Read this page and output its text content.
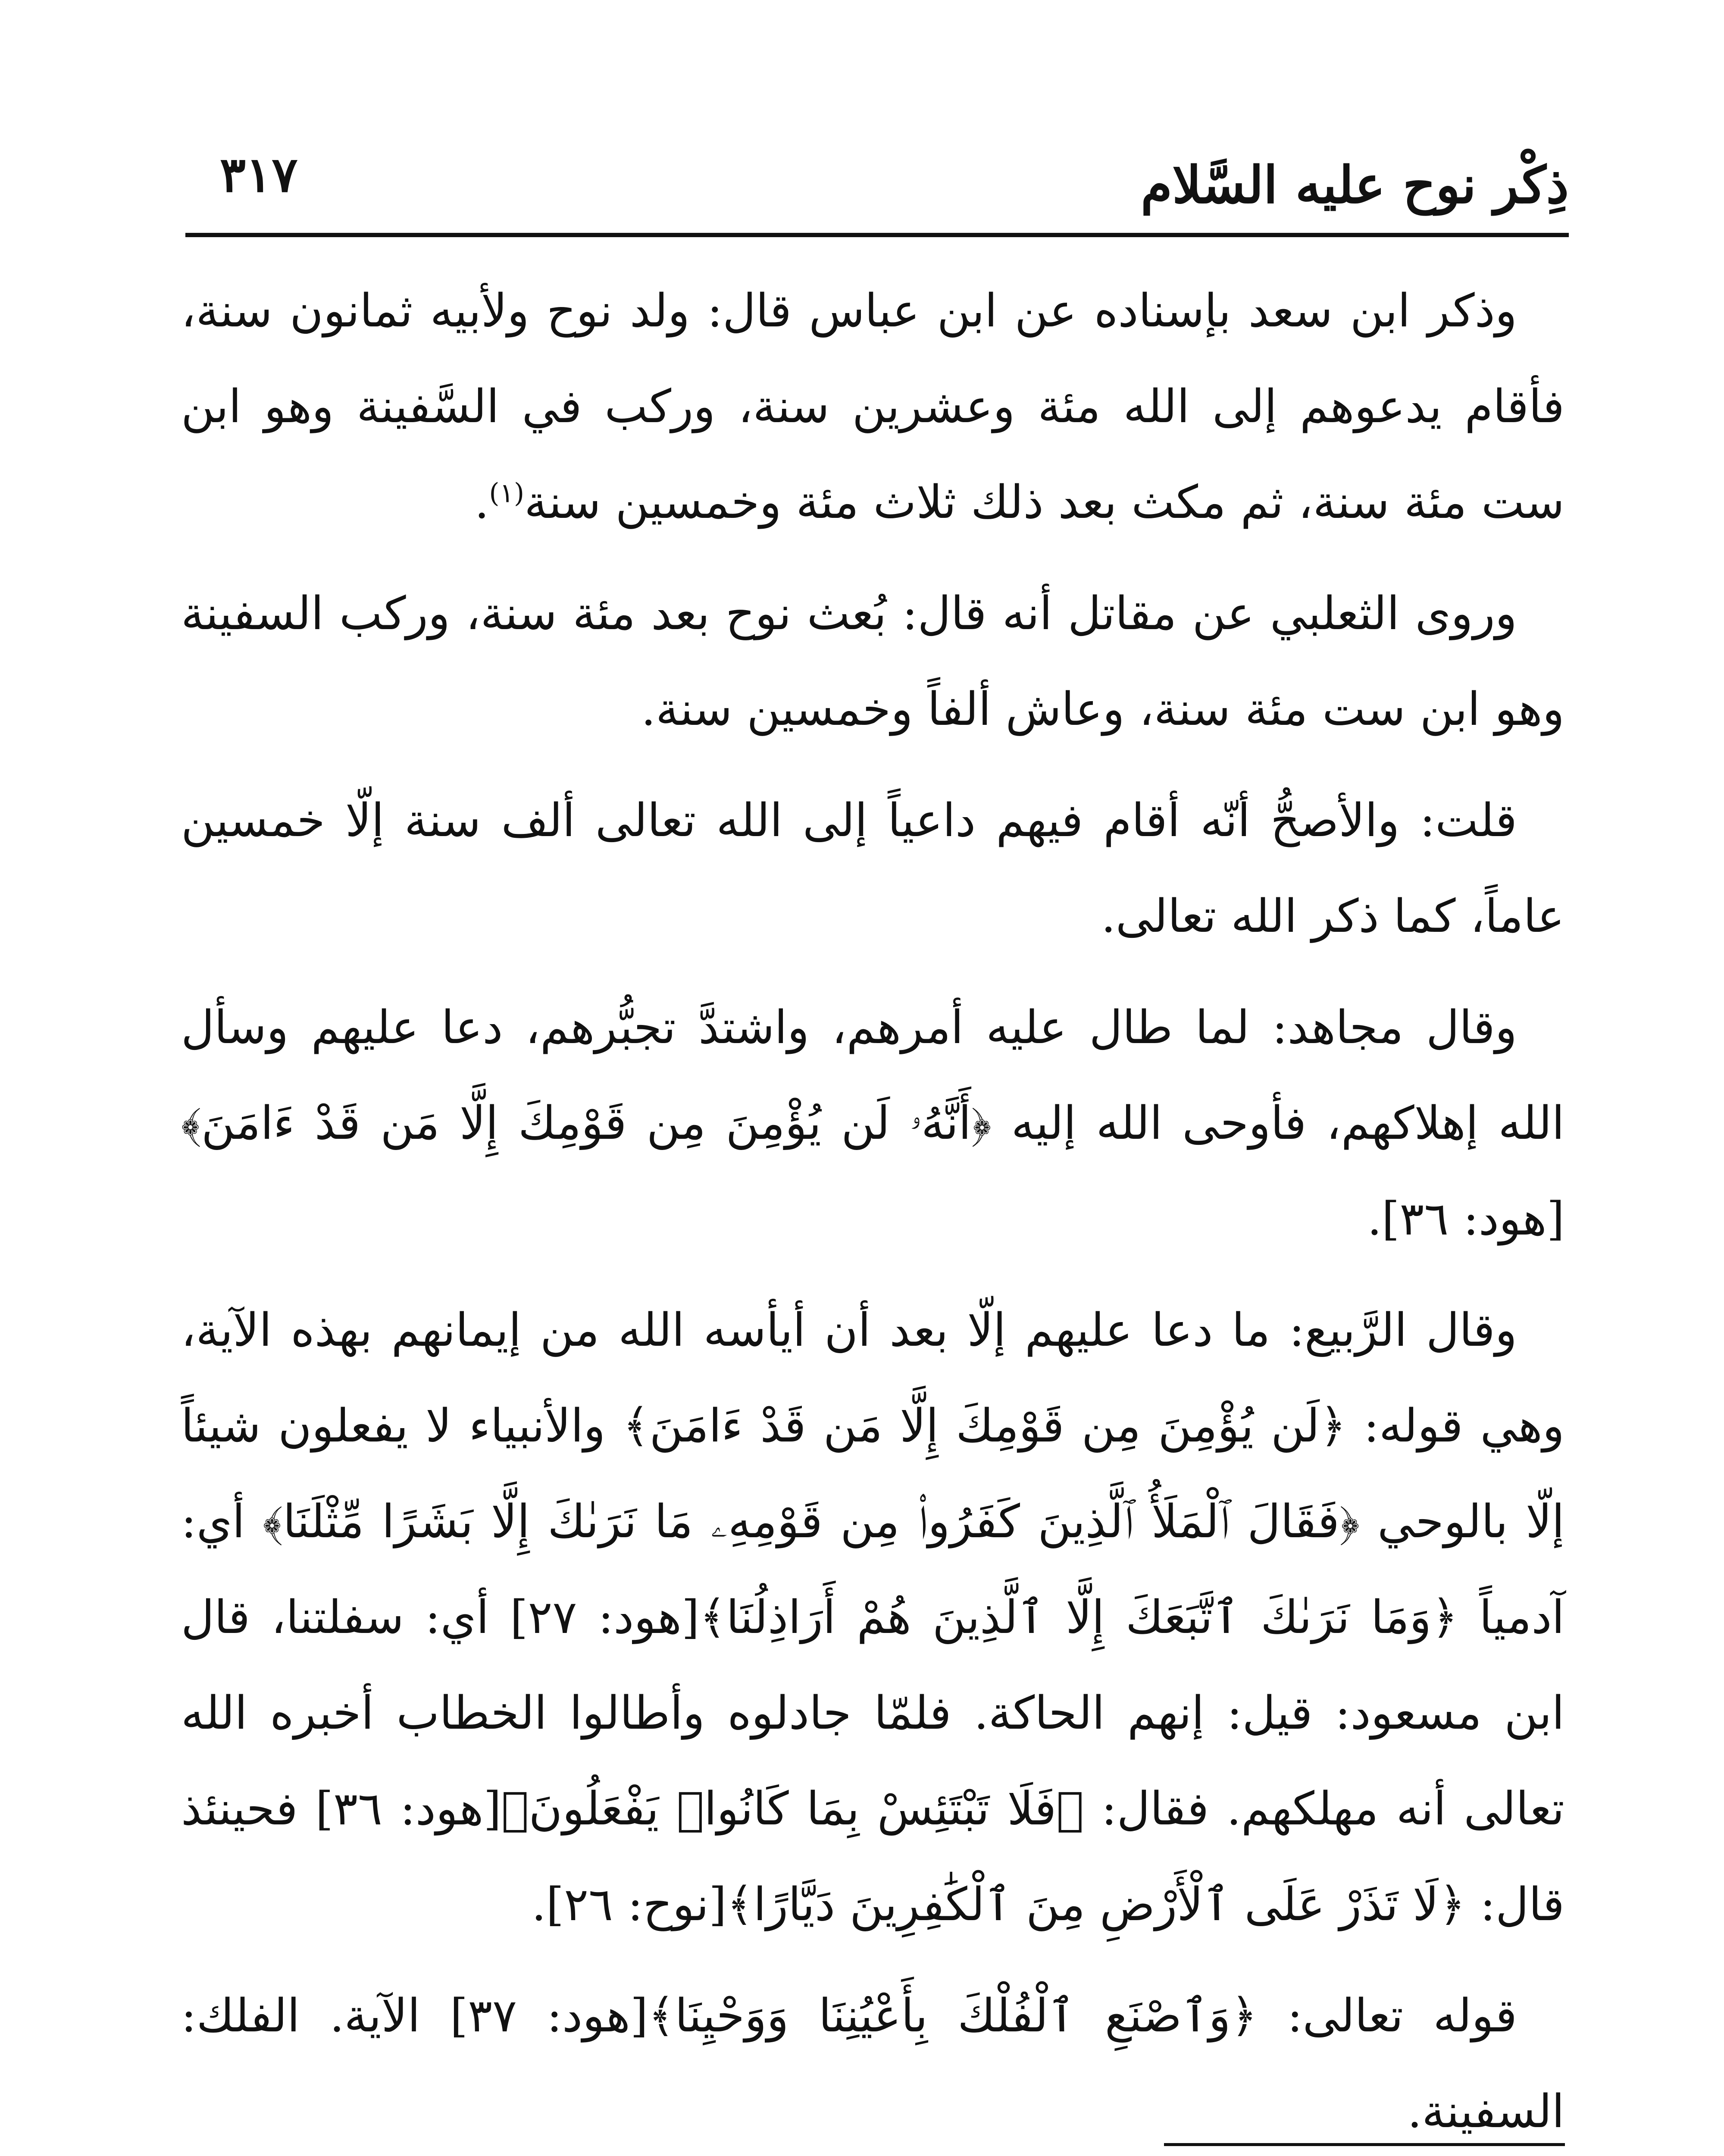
ذِكْر نوح عليه السَّلام
٣١٧

وذكر ابن سعد بإسناده عن ابن عباس قال: ولد نوح ولأبيه ثمانون سنة، فأقام يدعوهم إلى الله مئة وعشرين سنة، وركب في السَّفينة وهو ابن ست مئة سنة، ثم مكث بعد ذلك ثلاث مئة وخمسين سنة$^{(١)}$.

وروى الثعلبي عن مقاتل أنه قال: بُعث نوح بعد مئة سنة، وركب السفينة وهو ابن ست مئة سنة، وعاش ألفاً وخمسين سنة.

قلت: والأصحُّ أنّه أقام فيهم داعياً إلى الله تعالى ألف سنة إلّا خمسين عاماً، كما ذكر الله تعالى.

وقال مجاهد: لما طال عليه أمرهم، واشتدَّ تجبُّرهم، دعا عليهم وسأل الله إهلاكهم، فأوحى الله إليه ﴿أَنَّهُۥ لَن يُؤْمِنَ مِن قَوْمِكَ إِلَّا مَن قَدْ ءَامَنَ﴾ [هود: ٣٦].

وقال الرَّبيع: ما دعا عليهم إلّا بعد أن أيأسه الله من إيمانهم بهذه الآية، وهي قوله: ﴿لَن يُؤْمِنَ مِن قَوْمِكَ إِلَّا مَن قَدْ ءَامَنَ﴾ والأنبياء لا يفعلون شيئاً إلّا بالوحي ﴿فَقَالَ ٱلْمَلَأُ ٱلَّذِينَ كَفَرُوا۟ مِن قَوْمِهِۦ مَا نَرَىٰكَ إِلَّا بَشَرًا مِّثْلَنَا﴾ أي: آدمياً ﴿وَمَا نَرَىٰكَ ٱتَّبَعَكَ إِلَّا ٱلَّذِينَ هُمْ أَرَاذِلُنَا﴾[هود: ٢٧] أي: سفلتنا، قال ابن مسعود: قيل: إنهم الحاكة. فلمّا جادلوه وأطالوا الخطاب أخبره الله تعالى أنه مهلكهم. فقال: ﴿فَلَا تَبْتَئِسْ بِمَا كَانُوا۟ يَفْعَلُونَ﴾[هود: ٣٦] فحينئذ قال: ﴿لَا تَذَرْ عَلَى ٱلْأَرْضِ مِنَ ٱلْكَٰفِرِينَ دَيَّارًا﴾[نوح: ٢٦].

قوله تعالى: ﴿وَٱصْنَعِ ٱلْفُلْكَ بِأَعْيُنِنَا وَوَحْيِنَا﴾[هود: ٣٧] الآية. الفلك: السفينة.
